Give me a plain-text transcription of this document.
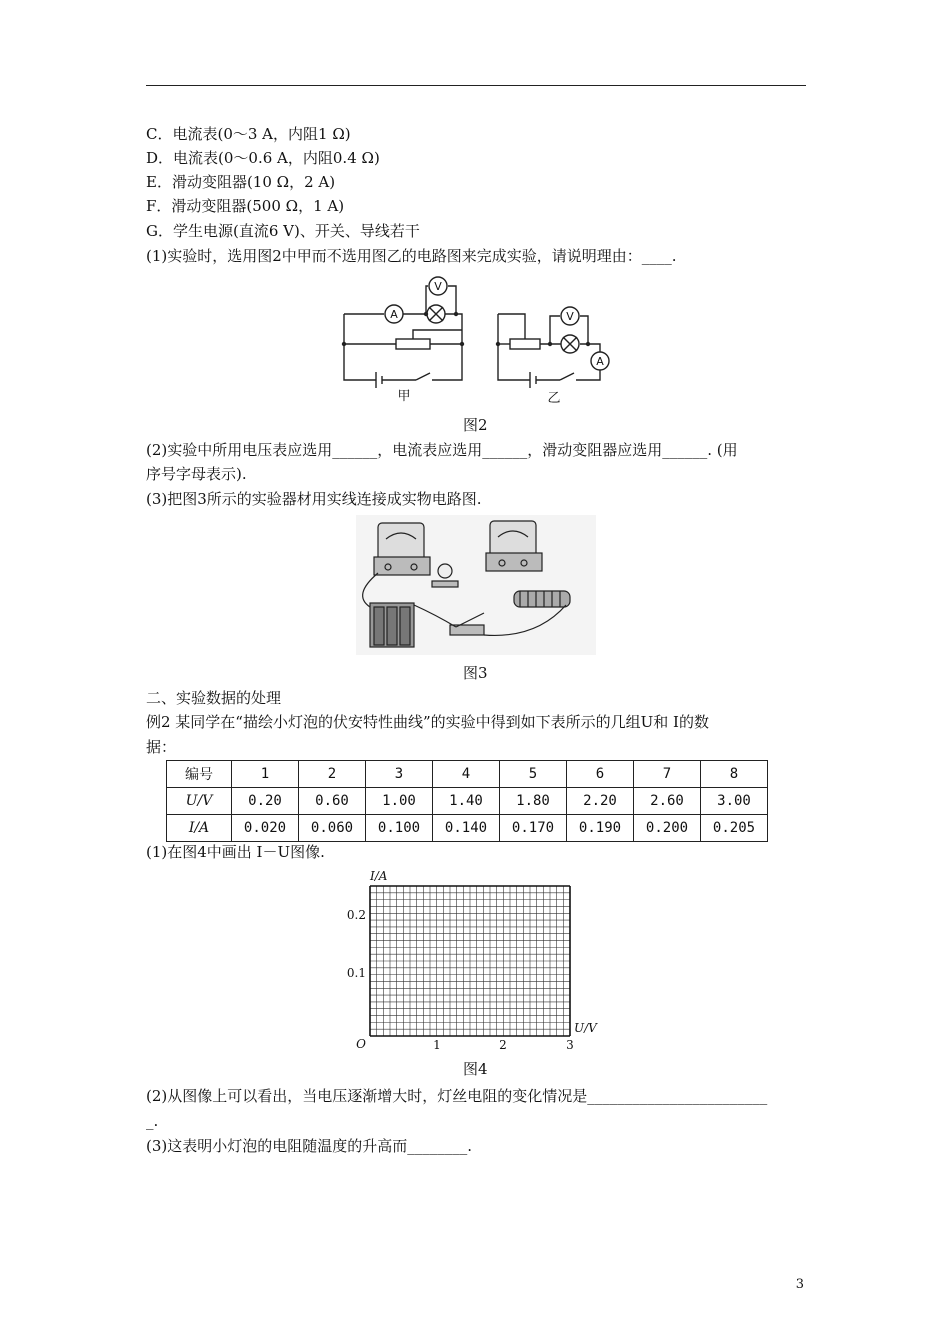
C．电流表(0～3 A，内阻1 Ω)
D．电流表(0～0.6 A，内阻0.4 Ω)
E．滑动变阻器(10 Ω，2 A)
F．滑动变阻器(500 Ω，1 A)
G．学生电源(直流6 V)、开关、导线若干
(1)实验时，选用图2中甲而不选用图乙的电路图来完成实验，请说明理由：____.
A
V
A
V
甲	乙
图2
(2)实验中所用电压表应选用______，电流表应选用______，滑动变阻器应选用______. (用
序号字母表示).
(3)把图3所示的实验器材用实线连接成实物电路图.
图3
二、实验数据的处理
例2 某同学在“描绘小灯泡的伏安特性曲线”的实验中得到如下表所示的几组U和 I的数
据：
编号	1	2	3	4	5	6	7	8
U/V	0.20	0.60	1.00	1.40	1.80	2.20	2.60	3.00
I/A	0.020	0.060	0.100	0.140	0.170	0.190	0.200	0.205
(1)在图4中画出 I－U图像.
I/A
U/V
O
0.2
0.1
1	2	3
图4
(2)从图像上可以看出，当电压逐渐增大时，灯丝电阻的变化情况是________________________
_.
(3)这表明小灯泡的电阻随温度的升高而________.
3
